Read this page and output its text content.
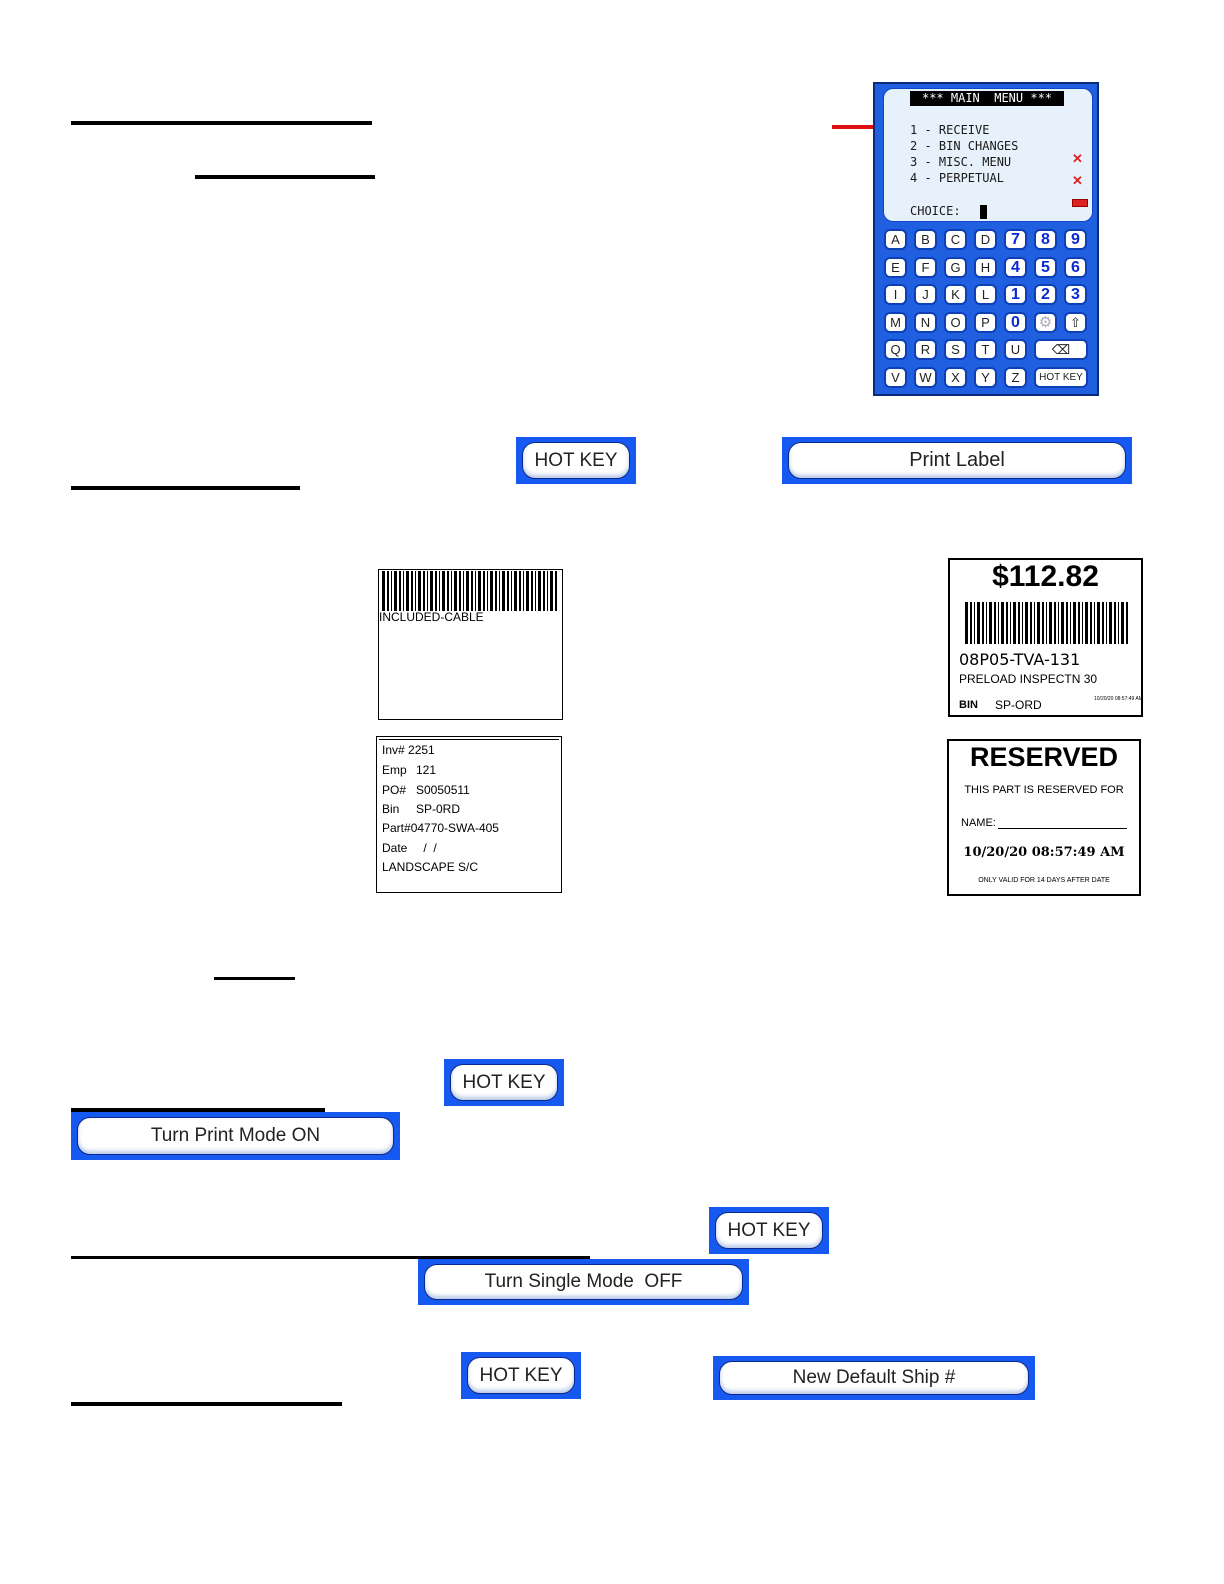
*** MAIN  MENU ***
1 - RECEIVE
2 - BIN CHANGES
3 - MISC. MENU
4 - PERPETUAL
CHOICE:
✕
✕
A	B	C	D	7	8	9
E	F	G	H	4	5	6
I	J	K	L	1	2	3
M	N	O	P	0	⚙	⇧
Q	R	S	T	U	⌫
V	W	X	Y	Z	HOT KEY
HOT KEY	Print Label
INCLUDED-CABLE
$112.82
08P05-TVA-131
PRELOAD INSPECTN 30
BIN SP-ORD	10/20/20 08:57:49 AM
Inv# 2251
Emp 121
PO# S0050511
Bin SP-0RD
Part#04770-SWA-405
Date /  /
LANDSCAPE S/C
RESERVED
THIS PART IS RESERVED FOR
NAME:
10/20/20 08:57:49 AM
ONLY VALID FOR 14 DAYS AFTER DATE
HOT KEY
Turn Print Mode ON
HOT KEY
Turn Single Mode  OFF
HOT KEY	New Default Ship #
